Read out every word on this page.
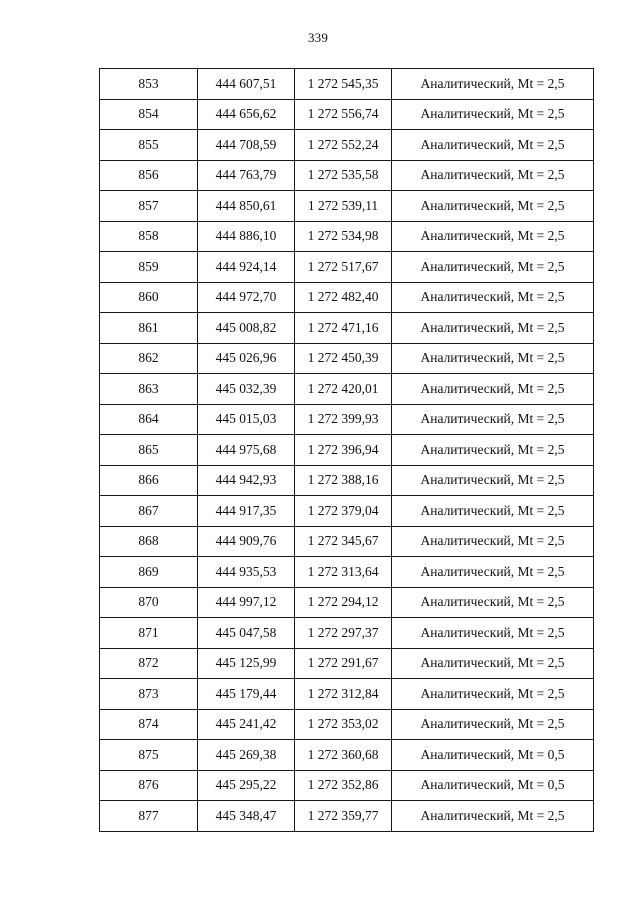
339
853	444 607,51	1 272 545,35	Аналитический, Mt = 2,5
854	444 656,62	1 272 556,74	Аналитический, Mt = 2,5
855	444 708,59	1 272 552,24	Аналитический, Mt = 2,5
856	444 763,79	1 272 535,58	Аналитический, Mt = 2,5
857	444 850,61	1 272 539,11	Аналитический, Mt = 2,5
858	444 886,10	1 272 534,98	Аналитический, Mt = 2,5
859	444 924,14	1 272 517,67	Аналитический, Mt = 2,5
860	444 972,70	1 272 482,40	Аналитический, Mt = 2,5
861	445 008,82	1 272 471,16	Аналитический, Mt = 2,5
862	445 026,96	1 272 450,39	Аналитический, Mt = 2,5
863	445 032,39	1 272 420,01	Аналитический, Mt = 2,5
864	445 015,03	1 272 399,93	Аналитический, Mt = 2,5
865	444 975,68	1 272 396,94	Аналитический, Mt = 2,5
866	444 942,93	1 272 388,16	Аналитический, Mt = 2,5
867	444 917,35	1 272 379,04	Аналитический, Mt = 2,5
868	444 909,76	1 272 345,67	Аналитический, Mt = 2,5
869	444 935,53	1 272 313,64	Аналитический, Mt = 2,5
870	444 997,12	1 272 294,12	Аналитический, Mt = 2,5
871	445 047,58	1 272 297,37	Аналитический, Mt = 2,5
872	445 125,99	1 272 291,67	Аналитический, Mt = 2,5
873	445 179,44	1 272 312,84	Аналитический, Mt = 2,5
874	445 241,42	1 272 353,02	Аналитический, Mt = 2,5
875	445 269,38	1 272 360,68	Аналитический, Mt = 0,5
876	445 295,22	1 272 352,86	Аналитический, Mt = 0,5
877	445 348,47	1 272 359,77	Аналитический, Mt = 2,5
